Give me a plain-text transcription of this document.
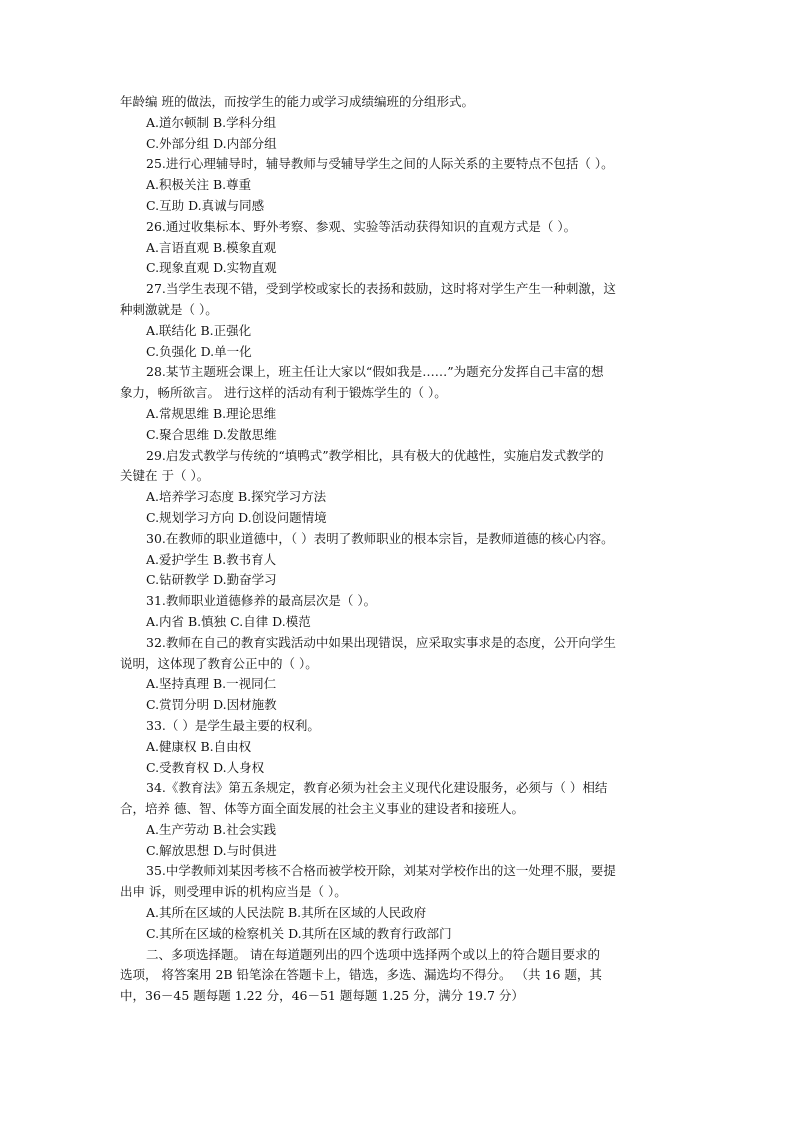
年龄编 班的做法，而按学生的能力或学习成绩编班的分组形式。
A.道尔顿制 B.学科分组
C.外部分组 D.内部分组
25.进行心理辅导时，辅导教师与受辅导学生之间的人际关系的主要特点不包括（ ）。
A.积极关注 B.尊重
C.互助 D.真诚与同感
26.通过收集标本、野外考察、参观、实验等活动获得知识的直观方式是（ ）。
A.言语直观 B.模象直观
C.现象直观 D.实物直观
27.当学生表现不错，受到学校或家长的表扬和鼓励，这时将对学生产生一种刺激，这
种刺激就是（ ）。
A.联结化 B.正强化
C.负强化 D.单一化
28.某节主题班会课上，班主任让大家以“假如我是……”为题充分发挥自己丰富的想
象力，畅所欲言。 进行这样的活动有利于锻炼学生的（ ）。
A.常规思维 B.理论思维
C.聚合思维 D.发散思维
29.启发式教学与传统的“填鸭式”教学相比，具有极大的优越性，实施启发式教学的
关键在 于（ ）。
A.培养学习态度 B.探究学习方法
C.规划学习方向 D.创设问题情境
30.在教师的职业道德中，（ ）表明了教师职业的根本宗旨，是教师道德的核心内容。
A.爱护学生 B.教书育人
C.钻研教学 D.勤奋学习
31.教师职业道德修养的最高层次是（ ）。
A.内省 B.慎独 C.自律 D.模范
32.教师在自己的教育实践活动中如果出现错误，应采取实事求是的态度，公开向学生
说明，这体现了教育公正中的（ ）。
A.坚持真理 B.一视同仁
C.赏罚分明 D.因材施教
33.（ ）是学生最主要的权利。
A.健康权 B.自由权
C.受教育权 D.人身权
34.《教育法》第五条规定，教育必须为社会主义现代化建设服务，必须与（ ）相结
合，培养 德、智、体等方面全面发展的社会主义事业的建设者和接班人。
A.生产劳动 B.社会实践
C.解放思想 D.与时俱进
35.中学教师刘某因考核不合格而被学校开除，刘某对学校作出的这一处理不服，要提
出申 诉，则受理申诉的机构应当是（ ）。
A.其所在区域的人民法院 B.其所在区域的人民政府
C.其所在区域的检察机关 D.其所在区域的教育行政部门
二、多项选择题。 请在每道题列出的四个选项中选择两个或以上的符合题目要求的
选项， 将答案用 2B 铅笔涂在答题卡上，错选，多选、漏选均不得分。 （共 16 题，其
中，36－45 题每题 1.22 分，46－51 题每题 1.25 分，满分 19.7 分）
